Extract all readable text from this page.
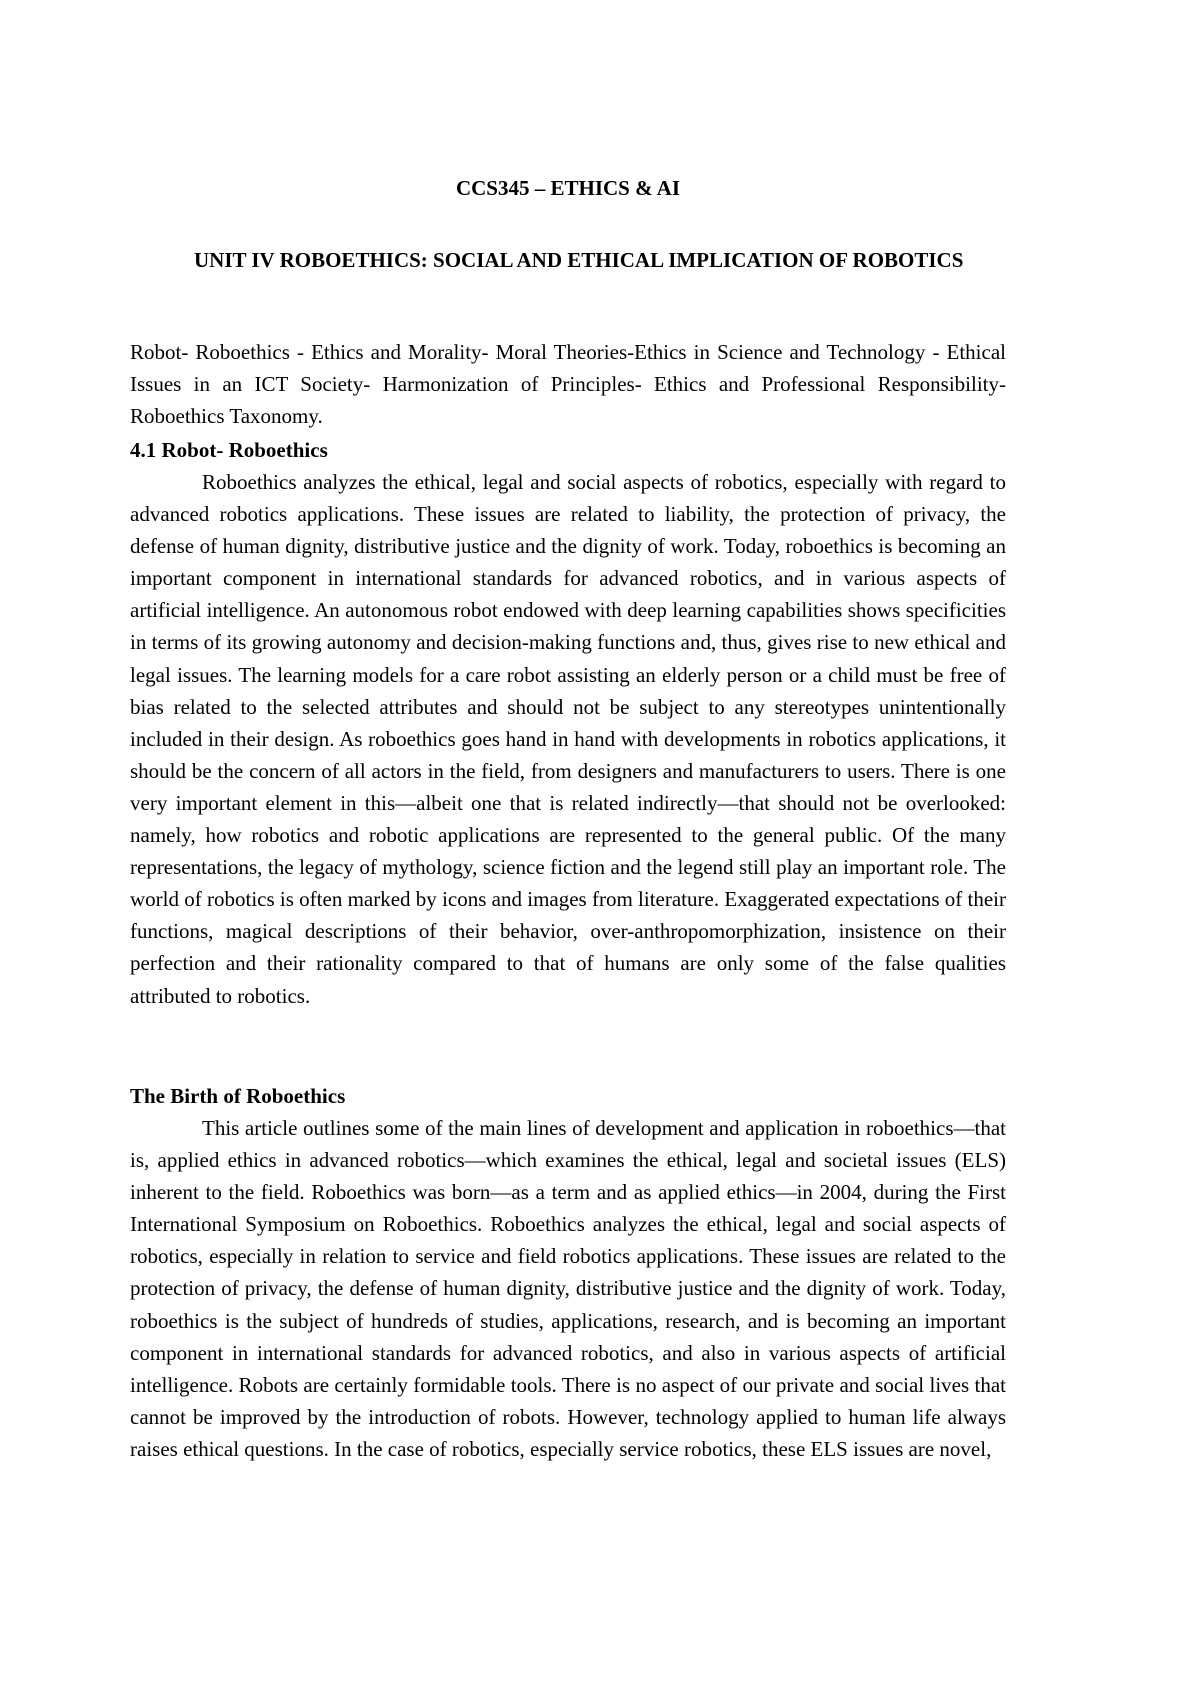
CCS345 – ETHICS & AI
UNIT IV ROBOETHICS: SOCIAL AND ETHICAL IMPLICATION OF ROBOTICS
Robot- Roboethics - Ethics and Morality- Moral Theories-Ethics in Science and Technology - Ethical Issues in an ICT Society- Harmonization of Principles- Ethics and Professional Responsibility- Roboethics Taxonomy.
4.1 Robot- Roboethics
Roboethics analyzes the ethical, legal and social aspects of robotics, especially with regard to advanced robotics applications. These issues are related to liability, the protection of privacy, the defense of human dignity, distributive justice and the dignity of work. Today, roboethics is becoming an important component in international standards for advanced robotics, and in various aspects of artificial intelligence. An autonomous robot endowed with deep learning capabilities shows specificities in terms of its growing autonomy and decision-making functions and, thus, gives rise to new ethical and legal issues. The learning models for a care robot assisting an elderly person or a child must be free of bias related to the selected attributes and should not be subject to any stereotypes unintentionally included in their design. As roboethics goes hand in hand with developments in robotics applications, it should be the concern of all actors in the field, from designers and manufacturers to users. There is one very important element in this—albeit one that is related indirectly—that should not be overlooked: namely, how robotics and robotic applications are represented to the general public. Of the many representations, the legacy of mythology, science fiction and the legend still play an important role. The world of robotics is often marked by icons and images from literature. Exaggerated expectations of their functions, magical descriptions of their behavior, over-anthropomorphization, insistence on their perfection and their rationality compared to that of humans are only some of the false qualities attributed to robotics.
The Birth of Roboethics
This article outlines some of the main lines of development and application in roboethics—that is, applied ethics in advanced robotics—which examines the ethical, legal and societal issues (ELS) inherent to the field. Roboethics was born—as a term and as applied ethics—in 2004, during the First International Symposium on Roboethics. Roboethics analyzes the ethical, legal and social aspects of robotics, especially in relation to service and field robotics applications. These issues are related to the protection of privacy, the defense of human dignity, distributive justice and the dignity of work. Today, roboethics is the subject of hundreds of studies, applications, research, and is becoming an important component in international standards for advanced robotics, and also in various aspects of artificial intelligence. Robots are certainly formidable tools. There is no aspect of our private and social lives that cannot be improved by the introduction of robots. However, technology applied to human life always raises ethical questions. In the case of robotics, especially service robotics, these ELS issues are novel,
